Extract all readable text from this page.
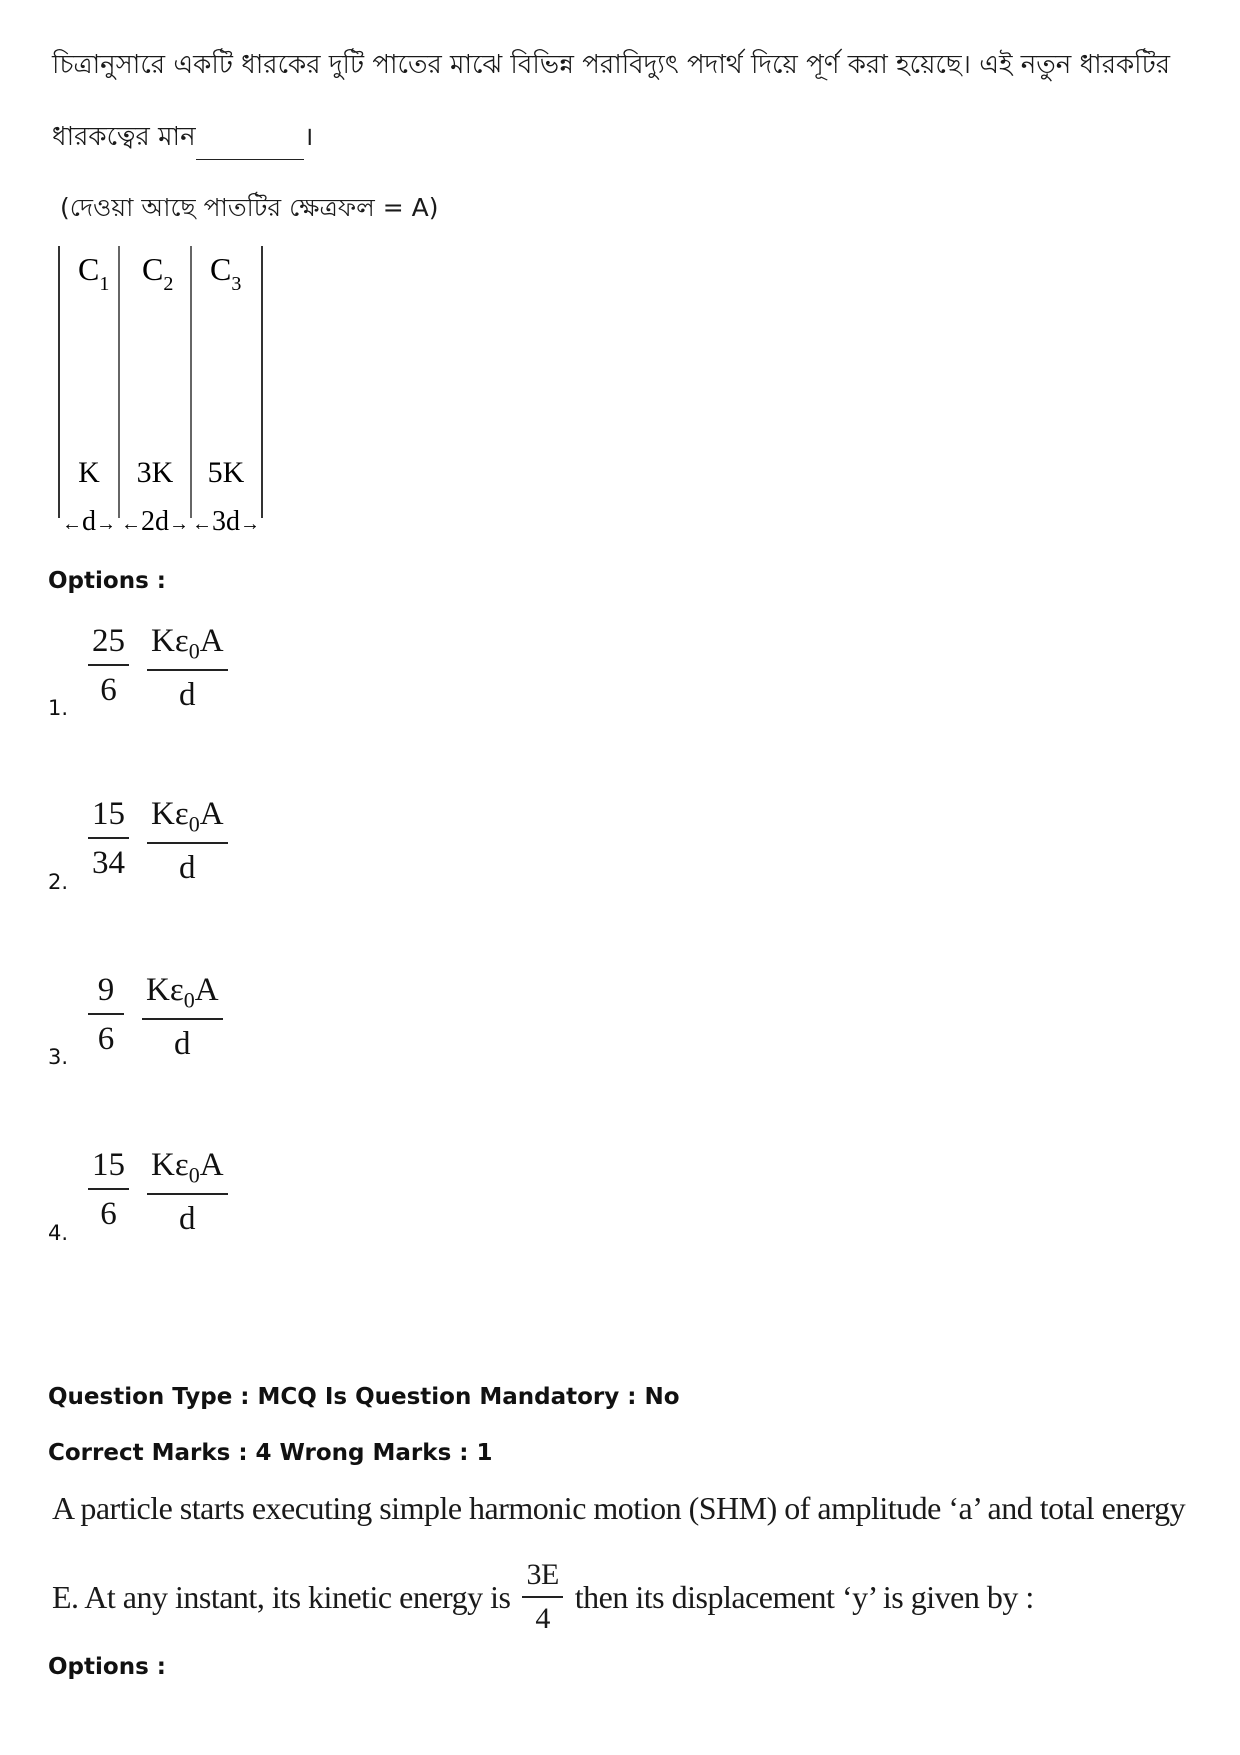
চিত্রানুসারে একটি ধারকের দুটি পাতের মাঝে বিভিন্ন পরাবিদ্যুৎ পদার্থ দিয়ে পূর্ণ করা হয়েছে। এই নতুন ধারকটির
ধারকত্বের মান	।
(দেওয়া আছে পাতটির ক্ষেত্রফল = A)
$C_1$ $C_2$ $C_3$
K 3K 5K
←d→ ←2d→ ←3d→
Options :
1.
$\frac{25}{6} \frac{K\varepsilon_0A}{d}$
2.
$\frac{15}{34} \frac{K\varepsilon_0A}{d}$
3.
$\frac{9}{6} \frac{K\varepsilon_0A}{d}$
4.
$\frac{15}{6} \frac{K\varepsilon_0A}{d}$
Question Type : MCQ Is Question Mandatory : No
Correct Marks : 4 Wrong Marks : 1
A particle starts executing simple harmonic motion (SHM) of amplitude ‘a’ and total energy
E. At any instant, its kinetic energy is $\frac{3E}{4}$ then its displacement ‘y’ is given by :
Options :
